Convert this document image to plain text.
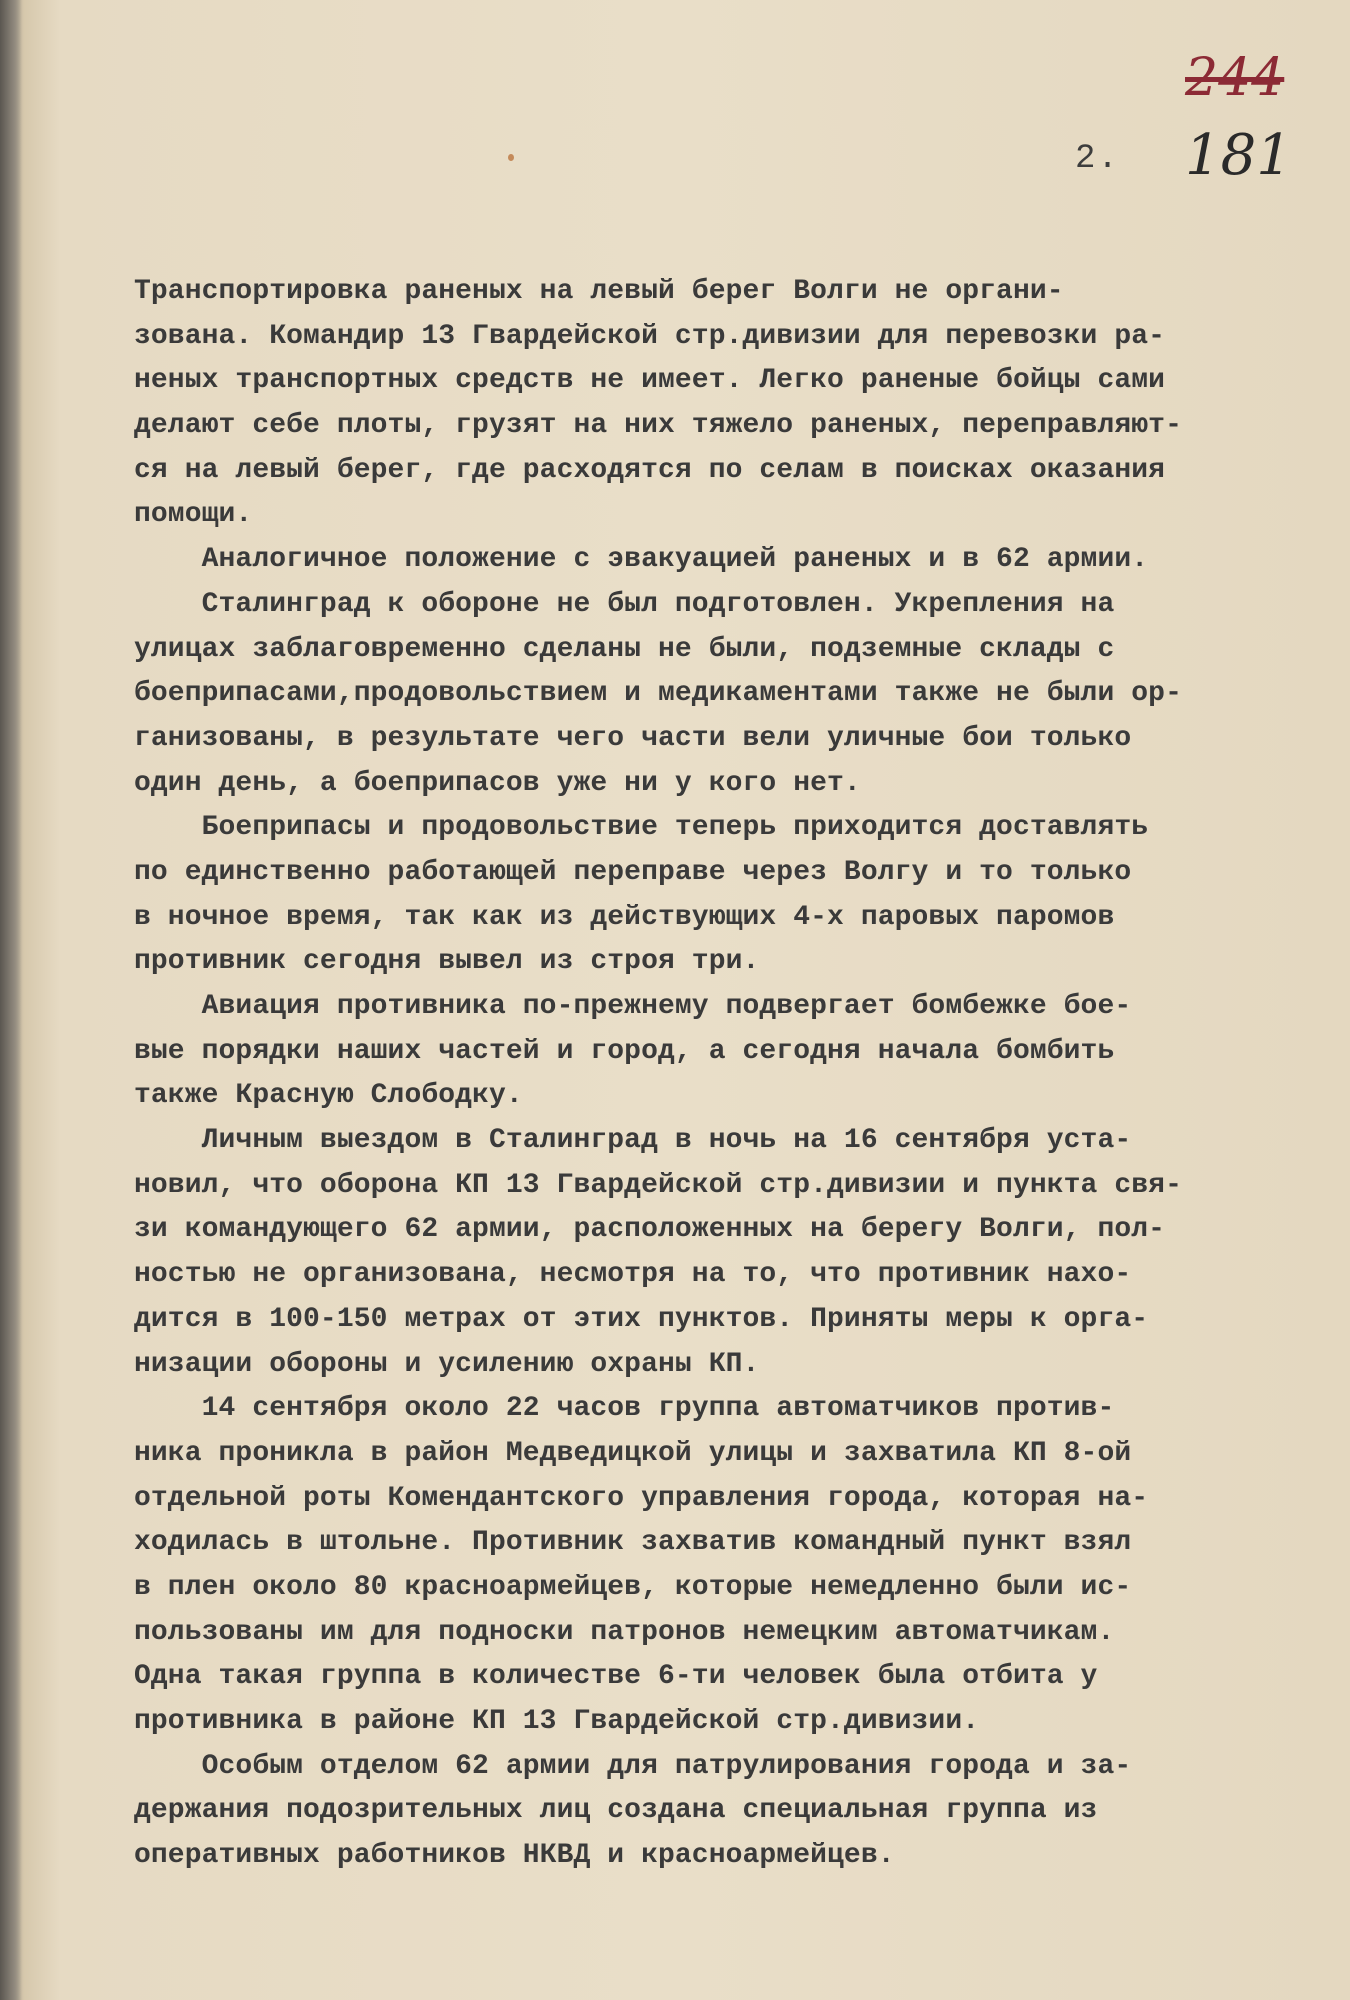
244
181
2.
Транспортировка раненых на левый берег Волги не органи-
зована. Командир 13 Гвардейской стр.дивизии для перевозки ра-
неных транспортных средств не имеет. Легко раненые бойцы сами
делают себе плоты, грузят на них тяжело раненых, переправляют-
ся на левый берег, где расходятся по селам в поисках оказания
помощи.
Аналогичное положение с эвакуацией раненых и в 62 армии.
Сталинград к обороне не был подготовлен. Укрепления на
улицах заблаговременно сделаны не были, подземные склады с
боеприпасами,продовольствием и медикаментами также не были ор-
ганизованы, в результате чего части вели уличные бои только
один день, а боеприпасов уже ни у кого нет.
Боеприпасы и продовольствие теперь приходится доставлять
по единственно работающей переправе через Волгу и то только
в ночное время, так как из действующих 4-х паровых паромов
противник сегодня вывел из строя три.
Авиация противника по-прежнему подвергает бомбежке бое-
вые порядки наших частей и город, а сегодня начала бомбить
также Красную Слободку.
Личным выездом в Сталинград в ночь на 16 сентября уста-
новил, что оборона КП 13 Гвардейской стр.дивизии и пункта свя-
зи командующего 62 армии, расположенных на берегу Волги, пол-
ностью не организована, несмотря на то, что противник нахо-
дится в 100-150 метрах от этих пунктов. Приняты меры к орга-
низации обороны и усилению охраны КП.
14 сентября около 22 часов группа автоматчиков против-
ника проникла в район Медведицкой улицы и захватила КП 8-ой
отдельной роты Комендантского управления города, которая на-
ходилась в штольне. Противник захватив командный пункт взял
в плен около 80 красноармейцев, которые немедленно были ис-
пользованы им для подноски патронов немецким автоматчикам.
Одна такая группа в количестве 6-ти человек была отбита у
противника в районе КП 13 Гвардейской стр.дивизии.
Особым отделом 62 армии для патрулирования города и за-
держания подозрительных лиц создана специальная группа из
оперативных работников НКВД и красноармейцев.
